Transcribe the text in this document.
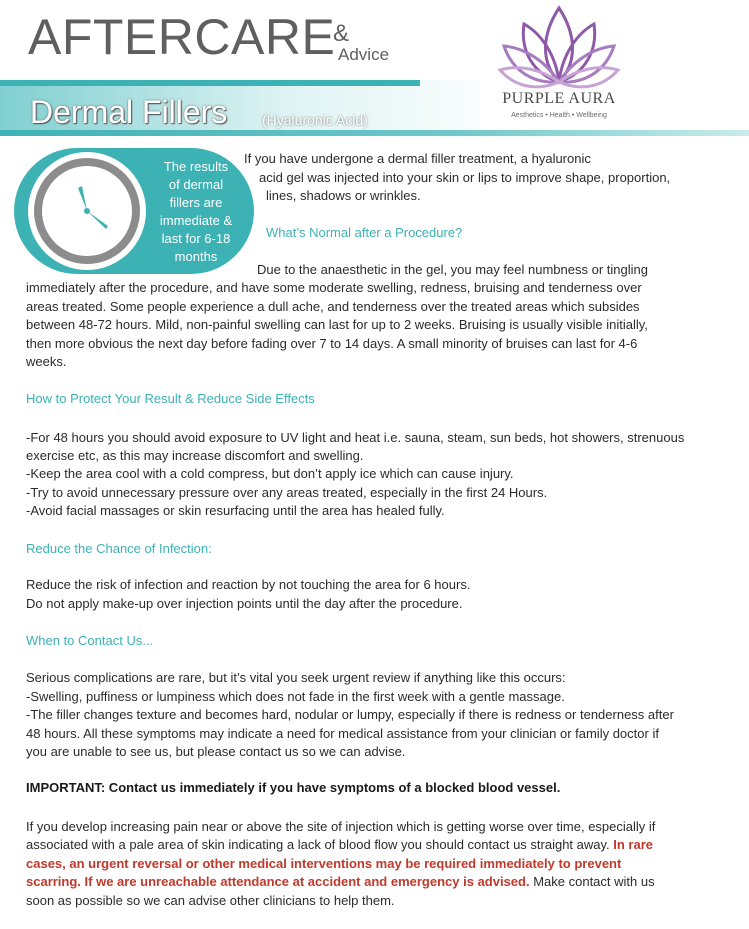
AFTERCARE
&
Advice
Dermal Fillers (Hyaluronic Acid)
PURPLE AURA
Aesthetics • Health • Wellbeing
The results
of dermal
fillers are
immediate &
last for 6-18
months
If you have undergone a dermal filler treatment, a hyaluronic
acid gel was injected into your skin or lips to improve shape, proportion,
lines, shadows or wrinkles.
What’s Normal after a Procedure?
Due to the anaesthetic in the gel, you may feel numbness or tingling
immediately after the procedure, and have some moderate swelling, redness, bruising and tenderness over
areas treated. Some people experience a dull ache, and tenderness over the treated areas which subsides
between 48-72 hours. Mild, non-painful swelling can last for up to 2 weeks. Bruising is usually visible initially,
then more obvious the next day before fading over 7 to 14 days. A small minority of bruises can last for 4-6
weeks.
How to Protect Your Result & Reduce Side Effects
-For 48 hours you should avoid exposure to UV light and heat i.e. sauna, steam, sun beds, hot showers, strenuous
exercise etc, as this may increase discomfort and swelling.
-Keep the area cool with a cold compress, but don’t apply ice which can cause injury.
-Try to avoid unnecessary pressure over any areas treated, especially in the first 24 Hours.
-Avoid facial massages or skin resurfacing until the area has healed fully.
Reduce the Chance of Infection:
Reduce the risk of infection and reaction by not touching the area for 6 hours.
Do not apply make-up over injection points until the day after the procedure.
When to Contact Us...
Serious complications are rare, but it’s vital you seek urgent review if anything like this occurs:
-Swelling, puffiness or lumpiness which does not fade in the first week with a gentle massage.
-The filler changes texture and becomes hard, nodular or lumpy, especially if there is redness or tenderness after
48 hours. All these symptoms may indicate a need for medical assistance from your clinician or family doctor if
you are unable to see us, but please contact us so we can advise.
IMPORTANT: Contact us immediately if you have symptoms of a blocked blood vessel.
If you develop increasing pain near or above the site of injection which is getting worse over time, especially if
associated with a pale area of skin indicating a lack of blood flow you should contact us straight away. In rare
cases, an urgent reversal or other medical interventions may be required immediately to prevent
scarring. If we are unreachable attendance at accident and emergency is advised. Make contact with us
soon as possible so we can advise other clinicians to help them.
